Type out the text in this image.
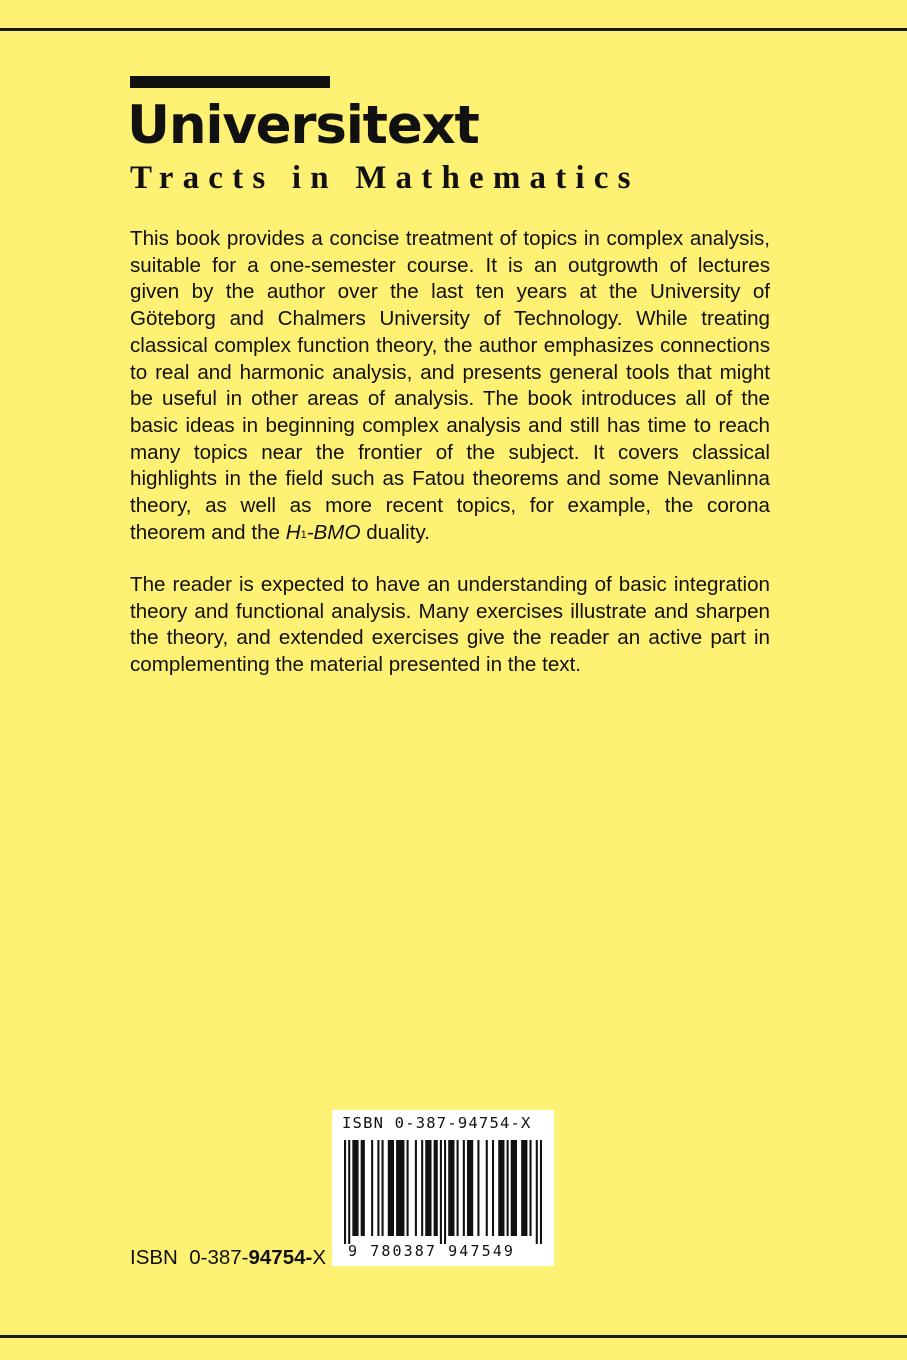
Universitext
Tracts in Mathematics

This book provides a concise treatment of topics in complex analysis, suitable for a one-semester course. It is an outgrowth of lectures given by the author over the last ten years at the University of Göteborg and Chalmers University of Technology. While treating classical complex function theory, the author emphasizes connections to real and harmonic analysis, and presents general tools that might be useful in other areas of analysis. The book introduces all of the basic ideas in beginning complex analysis and still has time to reach many topics near the frontier of the subject. It covers classical highlights in the field such as Fatou theorems and some Nevanlinna theory, as well as more recent topics, for example, the corona theorem and the $H^1$-BMO duality.

The reader is expected to have an understanding of basic integration theory and functional analysis. Many exercises illustrate and sharpen the theory, and extended exercises give the reader an active part in complementing the material presented in the text.

ISBN  0-387-94754-X
ISBN 0-387-94754-X
9 780387 947549
